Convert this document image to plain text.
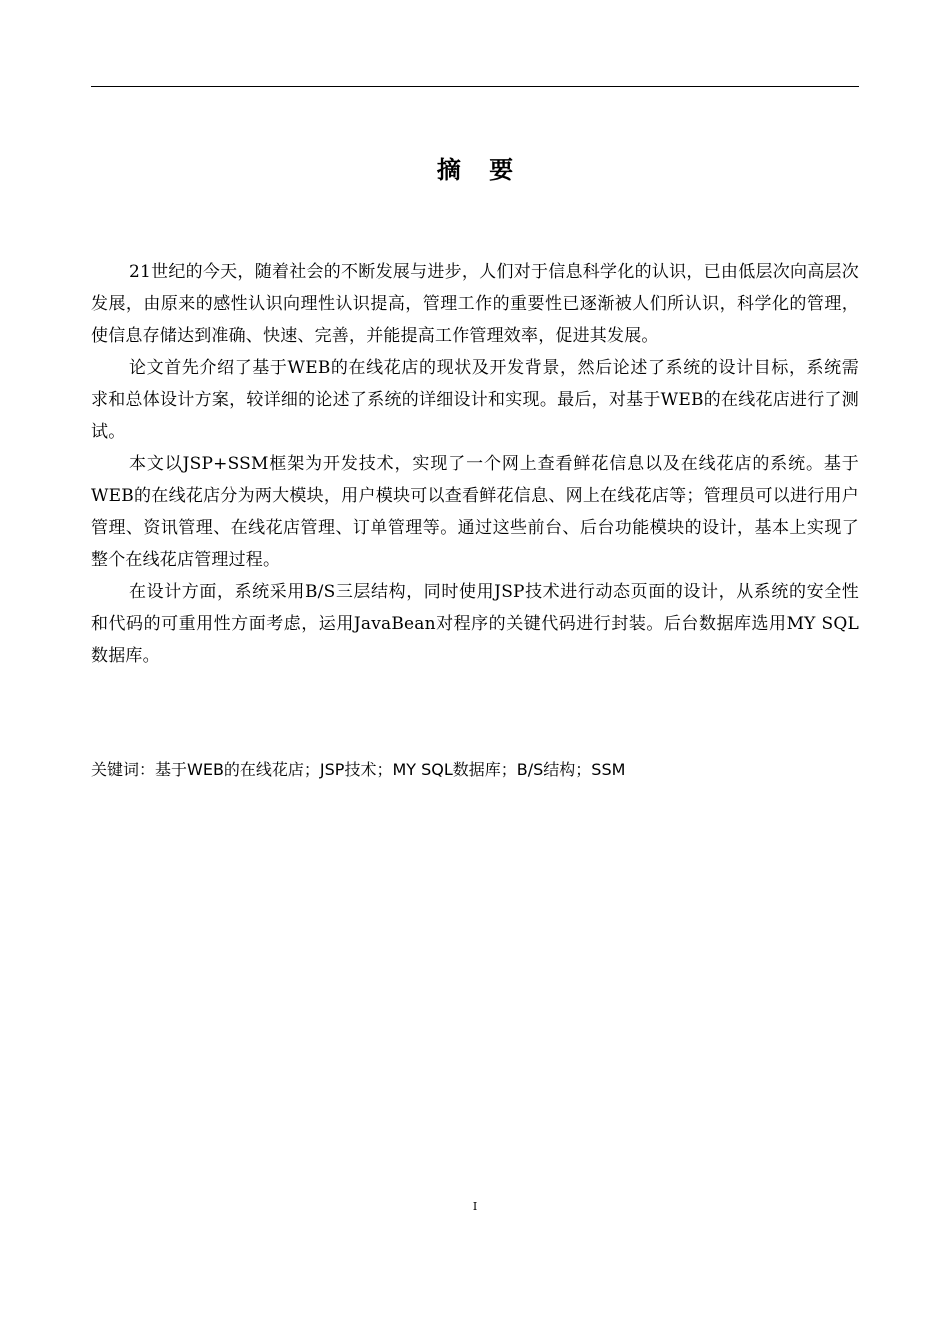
摘 要

21世纪的今天，随着社会的不断发展与进步，人们对于信息科学化的认识，已由低层次向高层次发展，由原来的感性认识向理性认识提高，管理工作的重要性已逐渐被人们所认识，科学化的管理，使信息存储达到准确、快速、完善，并能提高工作管理效率，促进其发展。

论文首先介绍了基于WEB的在线花店的现状及开发背景，然后论述了系统的设计目标，系统需求和总体设计方案，较详细的论述了系统的详细设计和实现。最后，对基于WEB的在线花店进行了测试。

本文以JSP+SSM框架为开发技术，实现了一个网上查看鲜花信息以及在线花店的系统。基于WEB的在线花店分为两大模块，用户模块可以查看鲜花信息、网上在线花店等；管理员可以进行用户管理、资讯管理、在线花店管理、订单管理等。通过这些前台、后台功能模块的设计，基本上实现了整个在线花店管理过程。

在设计方面，系统采用B/S三层结构，同时使用JSP技术进行动态页面的设计，从系统的安全性和代码的可重用性方面考虑，运用JavaBean对程序的关键代码进行封装。后台数据库选用MY SQL 数据库。

关键词：基于WEB的在线花店；JSP技术；MY SQL数据库；B/S结构；SSM
I
